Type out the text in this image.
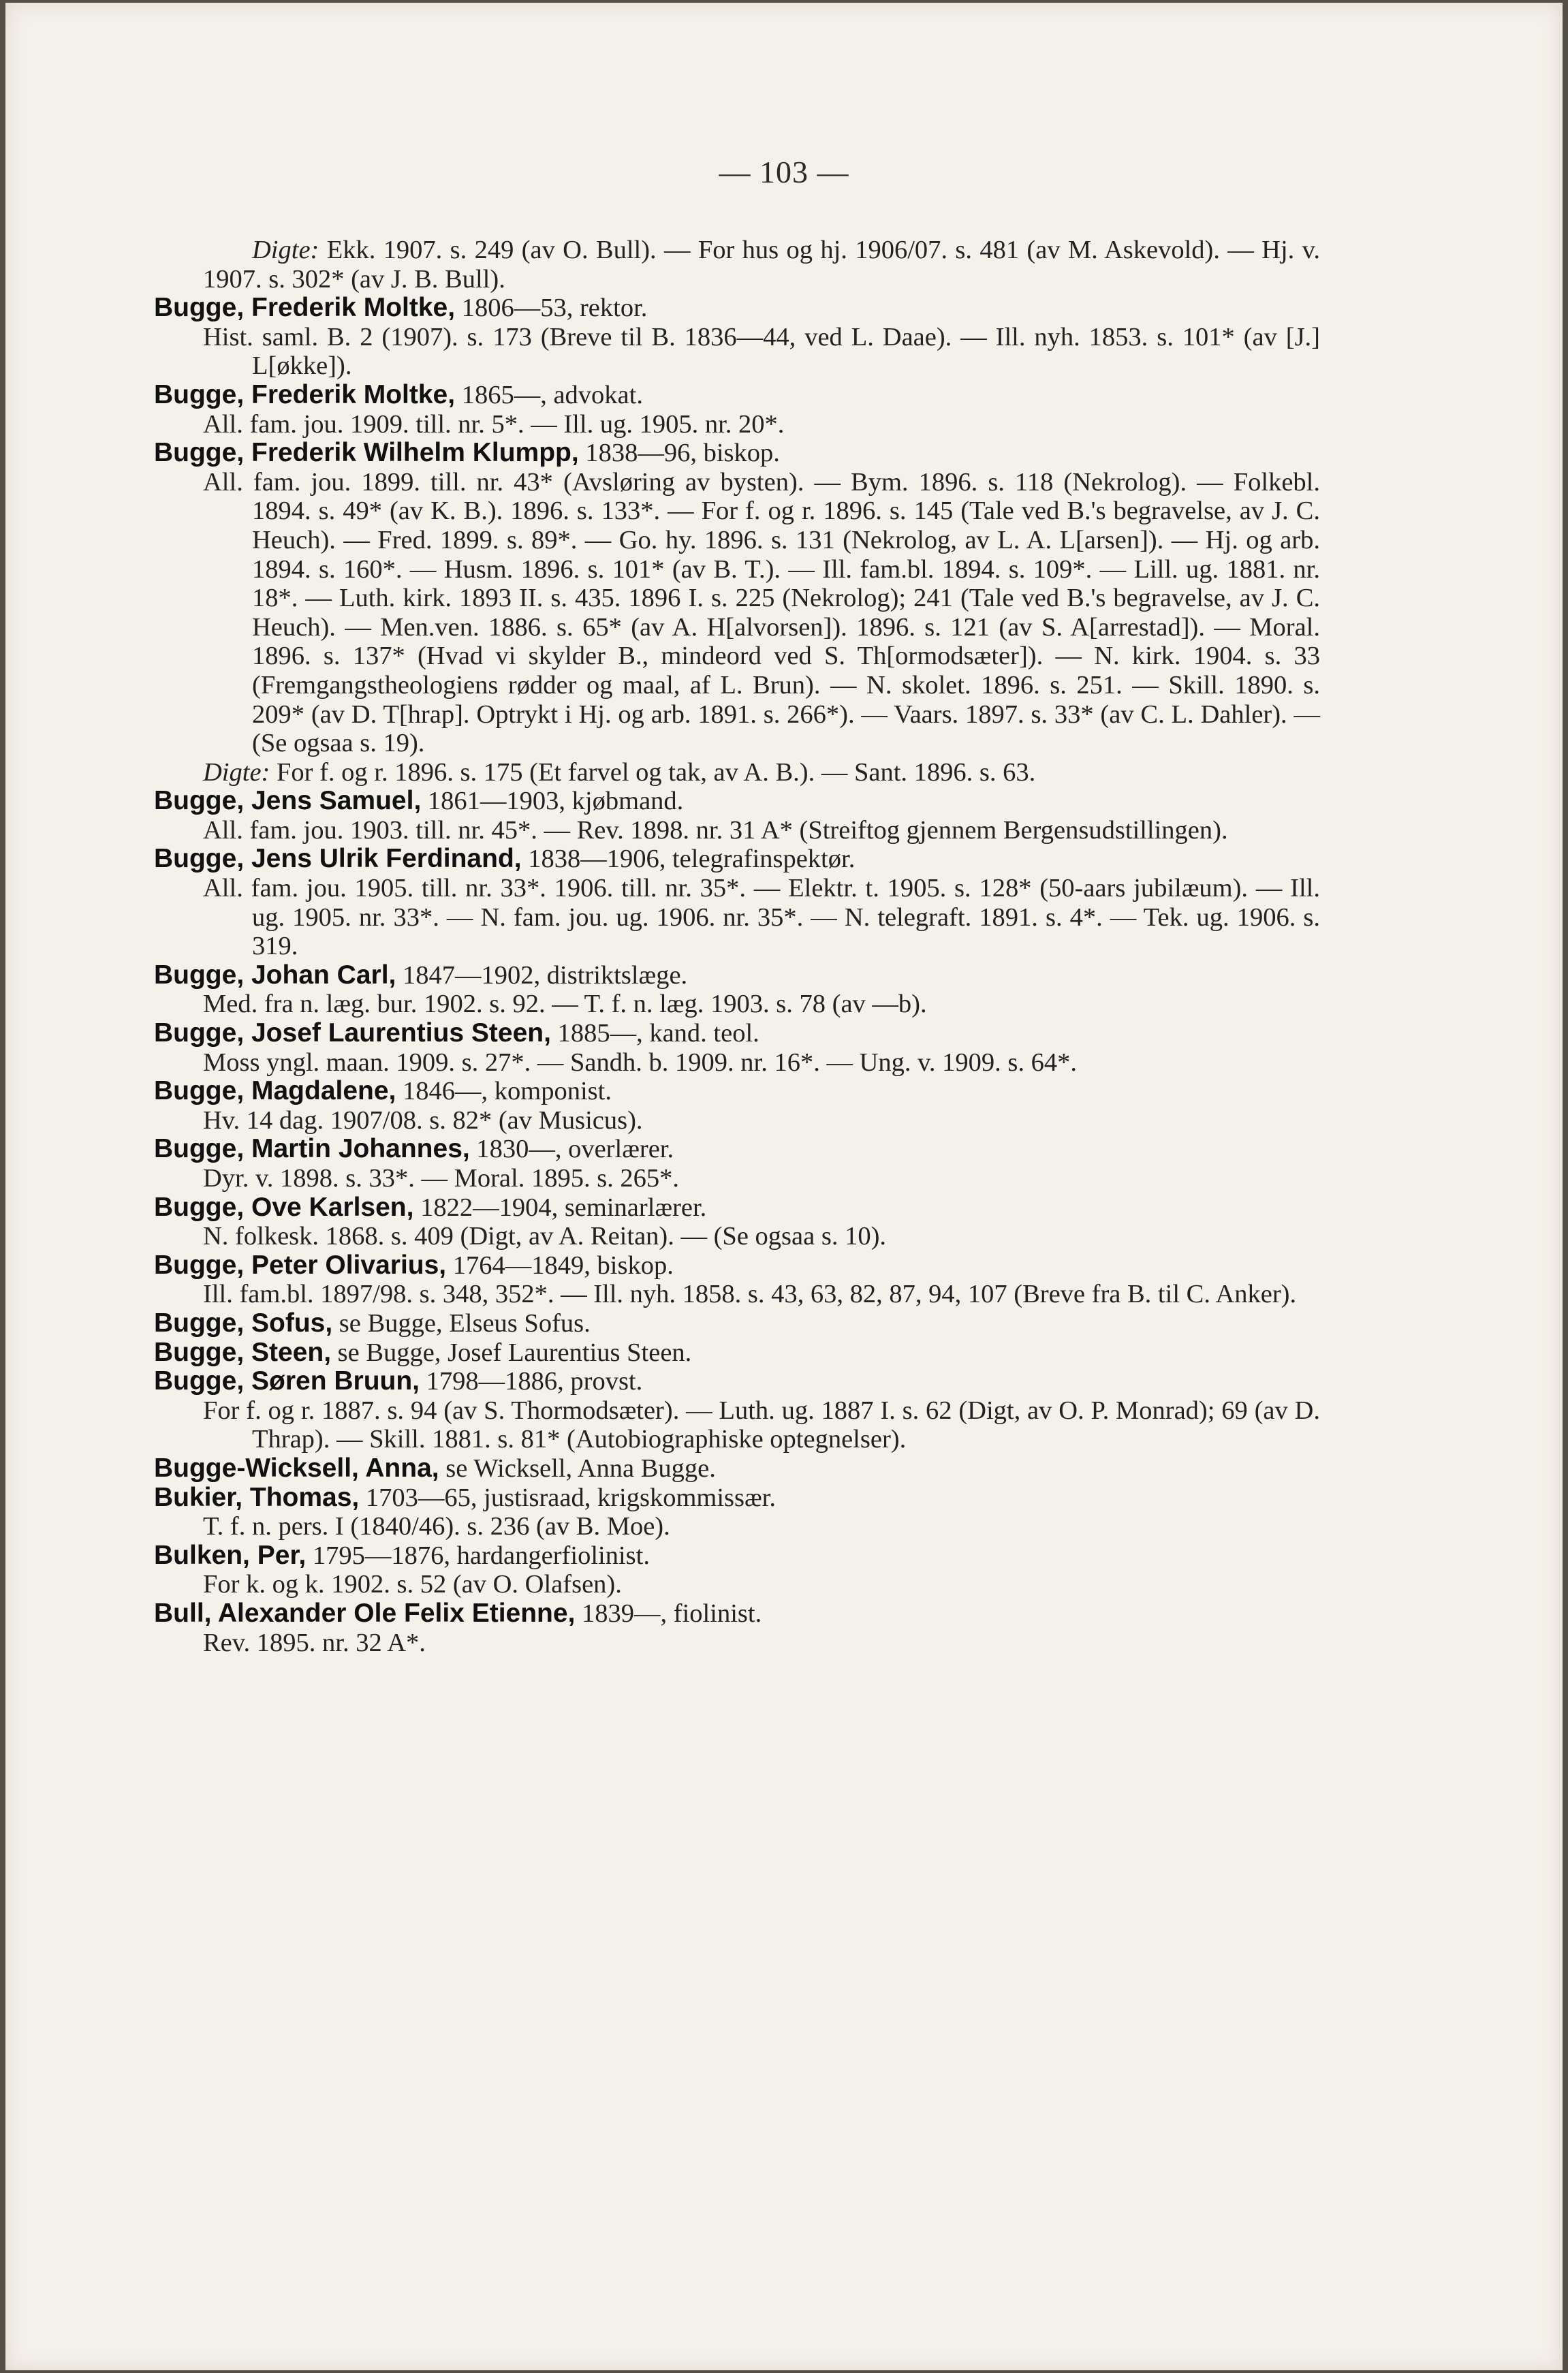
— 103 —

Digte: Ekk. 1907. s. 249 (av O. Bull). — For hus og hj. 1906/07. s. 481 (av M. Askevold). — Hj. v. 1907. s. 302* (av J. B. Bull).

Bugge, Frederik Moltke, 1806—53, rektor.

Hist. saml. B. 2 (1907). s. 173 (Breve til B. 1836—44, ved L. Daae). — Ill. nyh. 1853. s. 101* (av [J.] L[økke]).

Bugge, Frederik Moltke, 1865—, advokat.

All. fam. jou. 1909. till. nr. 5*. — Ill. ug. 1905. nr. 20*.

Bugge, Frederik Wilhelm Klumpp, 1838—96, biskop.

All. fam. jou. 1899. till. nr. 43* (Avsløring av bysten). — Bym. 1896. s. 118 (Nekrolog). — Folkebl. 1894. s. 49* (av K. B.). 1896. s. 133*. — For f. og r. 1896. s. 145 (Tale ved B.'s begravelse, av J. C. Heuch). — Fred. 1899. s. 89*. — Go. hy. 1896. s. 131 (Nekrolog, av L. A. L[arsen]). — Hj. og arb. 1894. s. 160*. — Husm. 1896. s. 101* (av B. T.). — Ill. fam.bl. 1894. s. 109*. — Lill. ug. 1881. nr. 18*. — Luth. kirk. 1893 II. s. 435. 1896 I. s. 225 (Nekrolog); 241 (Tale ved B.'s begravelse, av J. C. Heuch). — Men.ven. 1886. s. 65* (av A. H[alvorsen]). 1896. s. 121 (av S. A[arrestad]). — Moral. 1896. s. 137* (Hvad vi skylder B., mindeord ved S. Th[ormodsæter]). — N. kirk. 1904. s. 33 (Fremgangstheologiens rødder og maal, af L. Brun). — N. skolet. 1896. s. 251. — Skill. 1890. s. 209* (av D. T[hrap]. Optrykt i Hj. og arb. 1891. s. 266*). — Vaars. 1897. s. 33* (av C. L. Dahler). — (Se ogsaa s. 19).

Digte: For f. og r. 1896. s. 175 (Et farvel og tak, av A. B.). — Sant. 1896. s. 63.

Bugge, Jens Samuel, 1861—1903, kjøbmand.

All. fam. jou. 1903. till. nr. 45*. — Rev. 1898. nr. 31 A* (Streiftog gjennem Bergensudstillingen).

Bugge, Jens Ulrik Ferdinand, 1838—1906, telegrafinspektør.

All. fam. jou. 1905. till. nr. 33*. 1906. till. nr. 35*. — Elektr. t. 1905. s. 128* (50-aars jubilæum). — Ill. ug. 1905. nr. 33*. — N. fam. jou. ug. 1906. nr. 35*. — N. telegraft. 1891. s. 4*. — Tek. ug. 1906. s. 319.

Bugge, Johan Carl, 1847—1902, distriktslæge.

Med. fra n. læg. bur. 1902. s. 92. — T. f. n. læg. 1903. s. 78 (av —b).

Bugge, Josef Laurentius Steen, 1885—, kand. teol.

Moss yngl. maan. 1909. s. 27*. — Sandh. b. 1909. nr. 16*. — Ung. v. 1909. s. 64*.

Bugge, Magdalene, 1846—, komponist.

Hv. 14 dag. 1907/08. s. 82* (av Musicus).

Bugge, Martin Johannes, 1830—, overlærer.

Dyr. v. 1898. s. 33*. — Moral. 1895. s. 265*.

Bugge, Ove Karlsen, 1822—1904, seminarlærer.

N. folkesk. 1868. s. 409 (Digt, av A. Reitan). — (Se ogsaa s. 10).

Bugge, Peter Olivarius, 1764—1849, biskop.

Ill. fam.bl. 1897/98. s. 348, 352*. — Ill. nyh. 1858. s. 43, 63, 82, 87, 94, 107 (Breve fra B. til C. Anker).

Bugge, Sofus, se Bugge, Elseus Sofus.

Bugge, Steen, se Bugge, Josef Laurentius Steen.

Bugge, Søren Bruun, 1798—1886, provst.

For f. og r. 1887. s. 94 (av S. Thormodsæter). — Luth. ug. 1887 I. s. 62 (Digt, av O. P. Monrad); 69 (av D. Thrap). — Skill. 1881. s. 81* (Autobiographiske optegnelser).

Bugge-Wicksell, Anna, se Wicksell, Anna Bugge.

Bukier, Thomas, 1703—65, justisraad, krigskommissær.

T. f. n. pers. I (1840/46). s. 236 (av B. Moe).

Bulken, Per, 1795—1876, hardangerfiolinist.

For k. og k. 1902. s. 52 (av O. Olafsen).

Bull, Alexander Ole Felix Etienne, 1839—, fiolinist.

Rev. 1895. nr. 32 A*.
